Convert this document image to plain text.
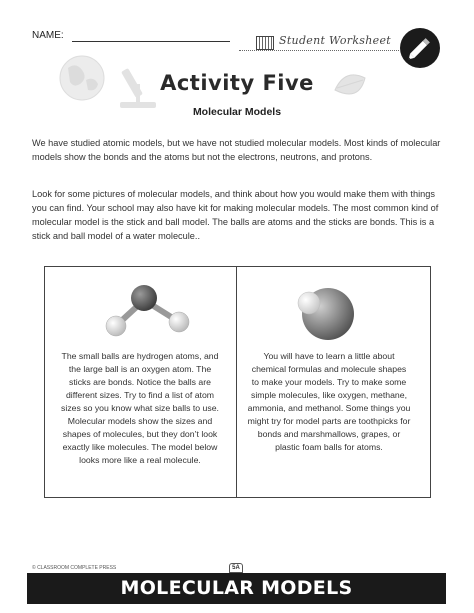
NAME:	Student Worksheet
Activity Five
Molecular Models

We have studied atomic models, but we have not studied molecular models. Most kinds of molecular models show the bonds and the atoms but not the electrons, neutrons, and protons.

Look for some pictures of molecular models, and think about how you would make them with things you can find. Your school may also have kit for making molecular models. The most common kind of molecular model is the stick and ball model. The balls are atoms and the sticks are bonds. This is a stick and ball model of a water molecule..

The small balls are hydrogen atoms, and the large ball is an oxygen atom. The sticks are bonds. Notice the balls are different sizes. Try to find a list of atom sizes so you know what size balls to use. Molecular models show the sizes and shapes of molecules, but they don’t look exactly like molecules. The model below looks more like a real molecule.

You will have to learn a little about chemical formulas and molecule shapes to make your models. Try to make some simple molecules, like oxygen, methane, ammonia, and methanol. Some things you might try for model parts are toothpicks for bonds and marshmallows, grapes, or plastic foam balls for atoms.

© CLASSROOM COMPLETE PRESS	5A
MOLECULAR MODELS
